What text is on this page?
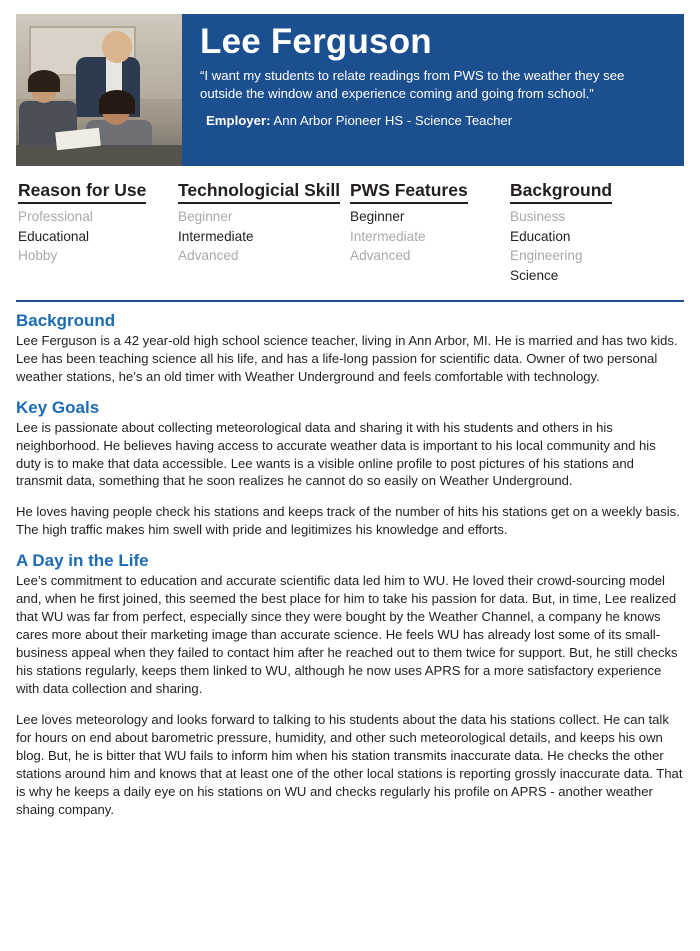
Lee Ferguson
“I want my students to relate readings from PWS to the weather they see outside the window and experience coming and going from school.”
Employer: Ann Arbor Pioneer HS - Science Teacher
Reason for Use
Professional
Educational
Hobby
Technologicial Skill
Beginner
Intermediate
Advanced
PWS Features
Beginner
Intermediate
Advanced
Background
Business
Education
Engineering
Science
Background

Lee Ferguson is a 42 year-old high school science teacher, living in Ann Arbor, MI. He is married and has two kids. Lee has been teaching science all his life, and has a life-long passion for scientific data. Owner of two personal weather stations, he’s an old timer with Weather Underground and feels comfortable with technology.

Key Goals

Lee is passionate about collecting meteorological data and sharing it with his students and others in his neighborhood. He believes having access to accurate weather data is important to his local community and his duty is to make that data accessible. Lee wants is a visible online profile to post pictures of his stations and transmit data, something that he soon realizes he cannot do so easily on Weather Underground.

He loves having people check his stations and keeps track of the number of hits his stations get on a weekly basis. The high traffic makes him swell with pride and legitimizes his knowledge and efforts.

A Day in the Life

Lee’s commitment to education and accurate scientific data led him to WU. He loved their crowd-sourcing model and, when he first joined, this seemed the best place for him to take his passion for data. But, in time, Lee realized that WU was far from perfect, especially since they were bought by the Weather Channel, a company he knows cares more about their marketing image than accurate science. He feels WU has already lost some of its small-business appeal when they failed to contact him after he reached out to them twice for support. But, he still checks his stations regularly, keeps them linked to WU, although he now uses APRS for a more satisfactory experience with data collection and sharing.

Lee loves meteorology and looks forward to talking to his students about the data his stations collect. He can talk for hours on end about barometric pressure, humidity, and other such meteorological details, and keeps his own blog. But, he is bitter that WU fails to inform him when his station transmits inaccurate data. He checks the other stations around him and knows that at least one of the other local stations is reporting grossly inaccurate data. That is why he keeps a daily eye on his stations on WU and checks regularly his profile on APRS - another weather shaing company.
